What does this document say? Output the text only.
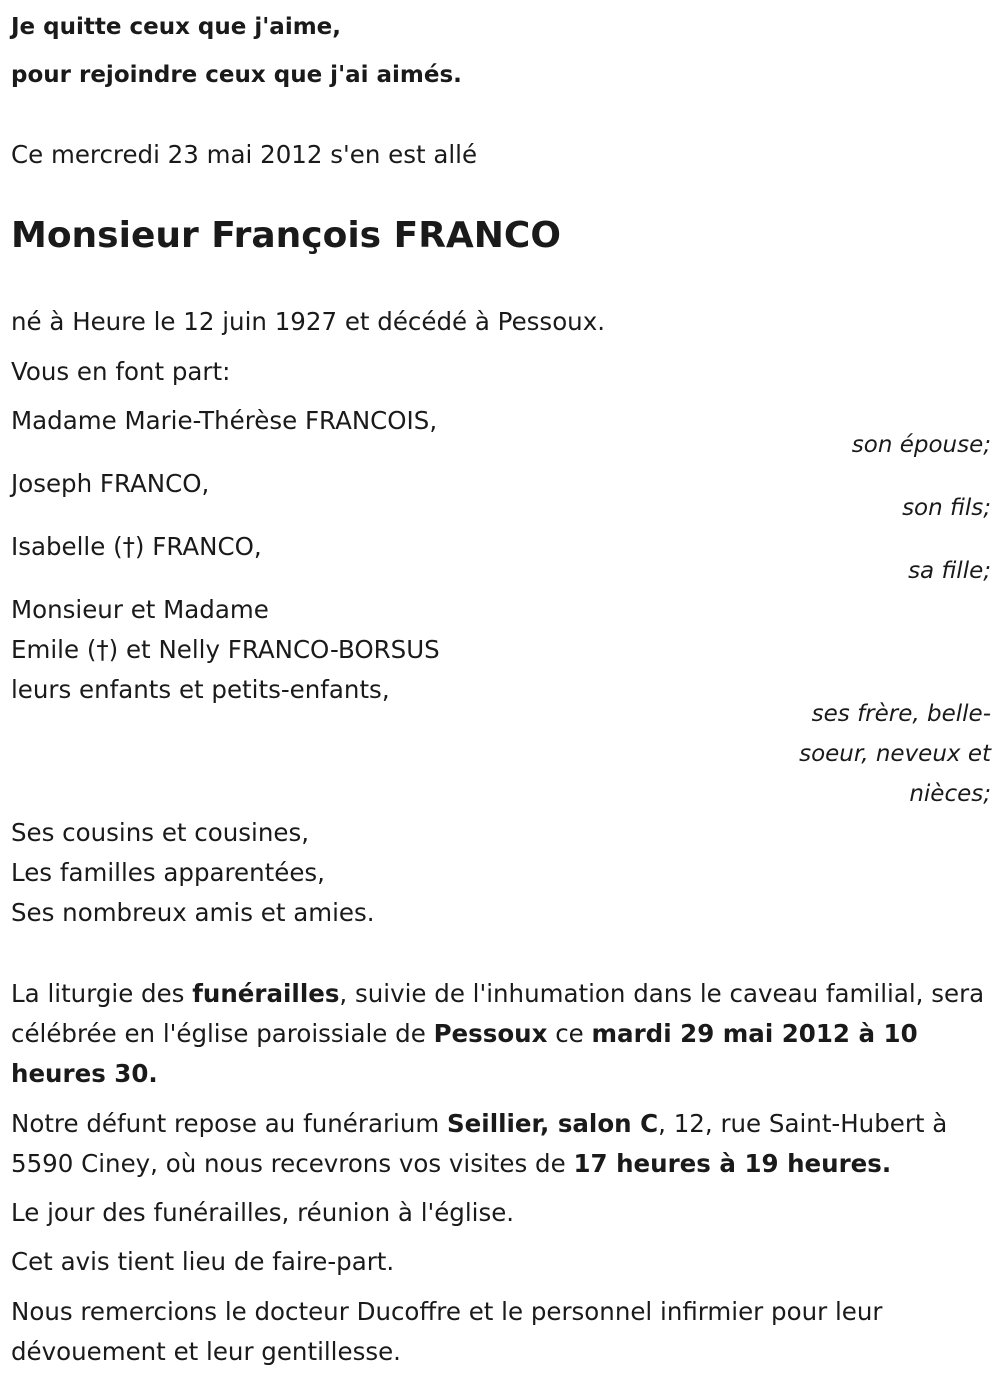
Je quitte ceux que j'aime,

pour rejoindre ceux que j'ai aimés.

Ce mercredi 23 mai 2012 s'en est allé

Monsieur François FRANCO

né à Heure le 12 juin 1927 et décédé à Pessoux.

Vous en font part:

Madame Marie-Thérèse FRANCOIS,

son épouse;

Joseph FRANCO,

son fils;

Isabelle (†) FRANCO,

sa fille;

Monsieur et Madame

Emile (†) et Nelly FRANCO-BORSUS

leurs enfants et petits-enfants,

ses frère, belle-

soeur, neveux et

nièces;

Ses cousins et cousines,

Les familles apparentées,

Ses nombreux amis et amies.

La liturgie des funérailles, suivie de l'inhumation dans le caveau familial, sera célébrée en l'église paroissiale de Pessoux ce mardi 29 mai 2012 à 10 heures 30.

Notre défunt repose au funérarium Seillier, salon C, 12, rue Saint-Hubert à 5590 Ciney, où nous recevrons vos visites de 17 heures à 19 heures.

Le jour des funérailles, réunion à l'église.

Cet avis tient lieu de faire-part.

Nous remercions le docteur Ducoffre et le personnel infirmier pour leur dévouement et leur gentillesse.
